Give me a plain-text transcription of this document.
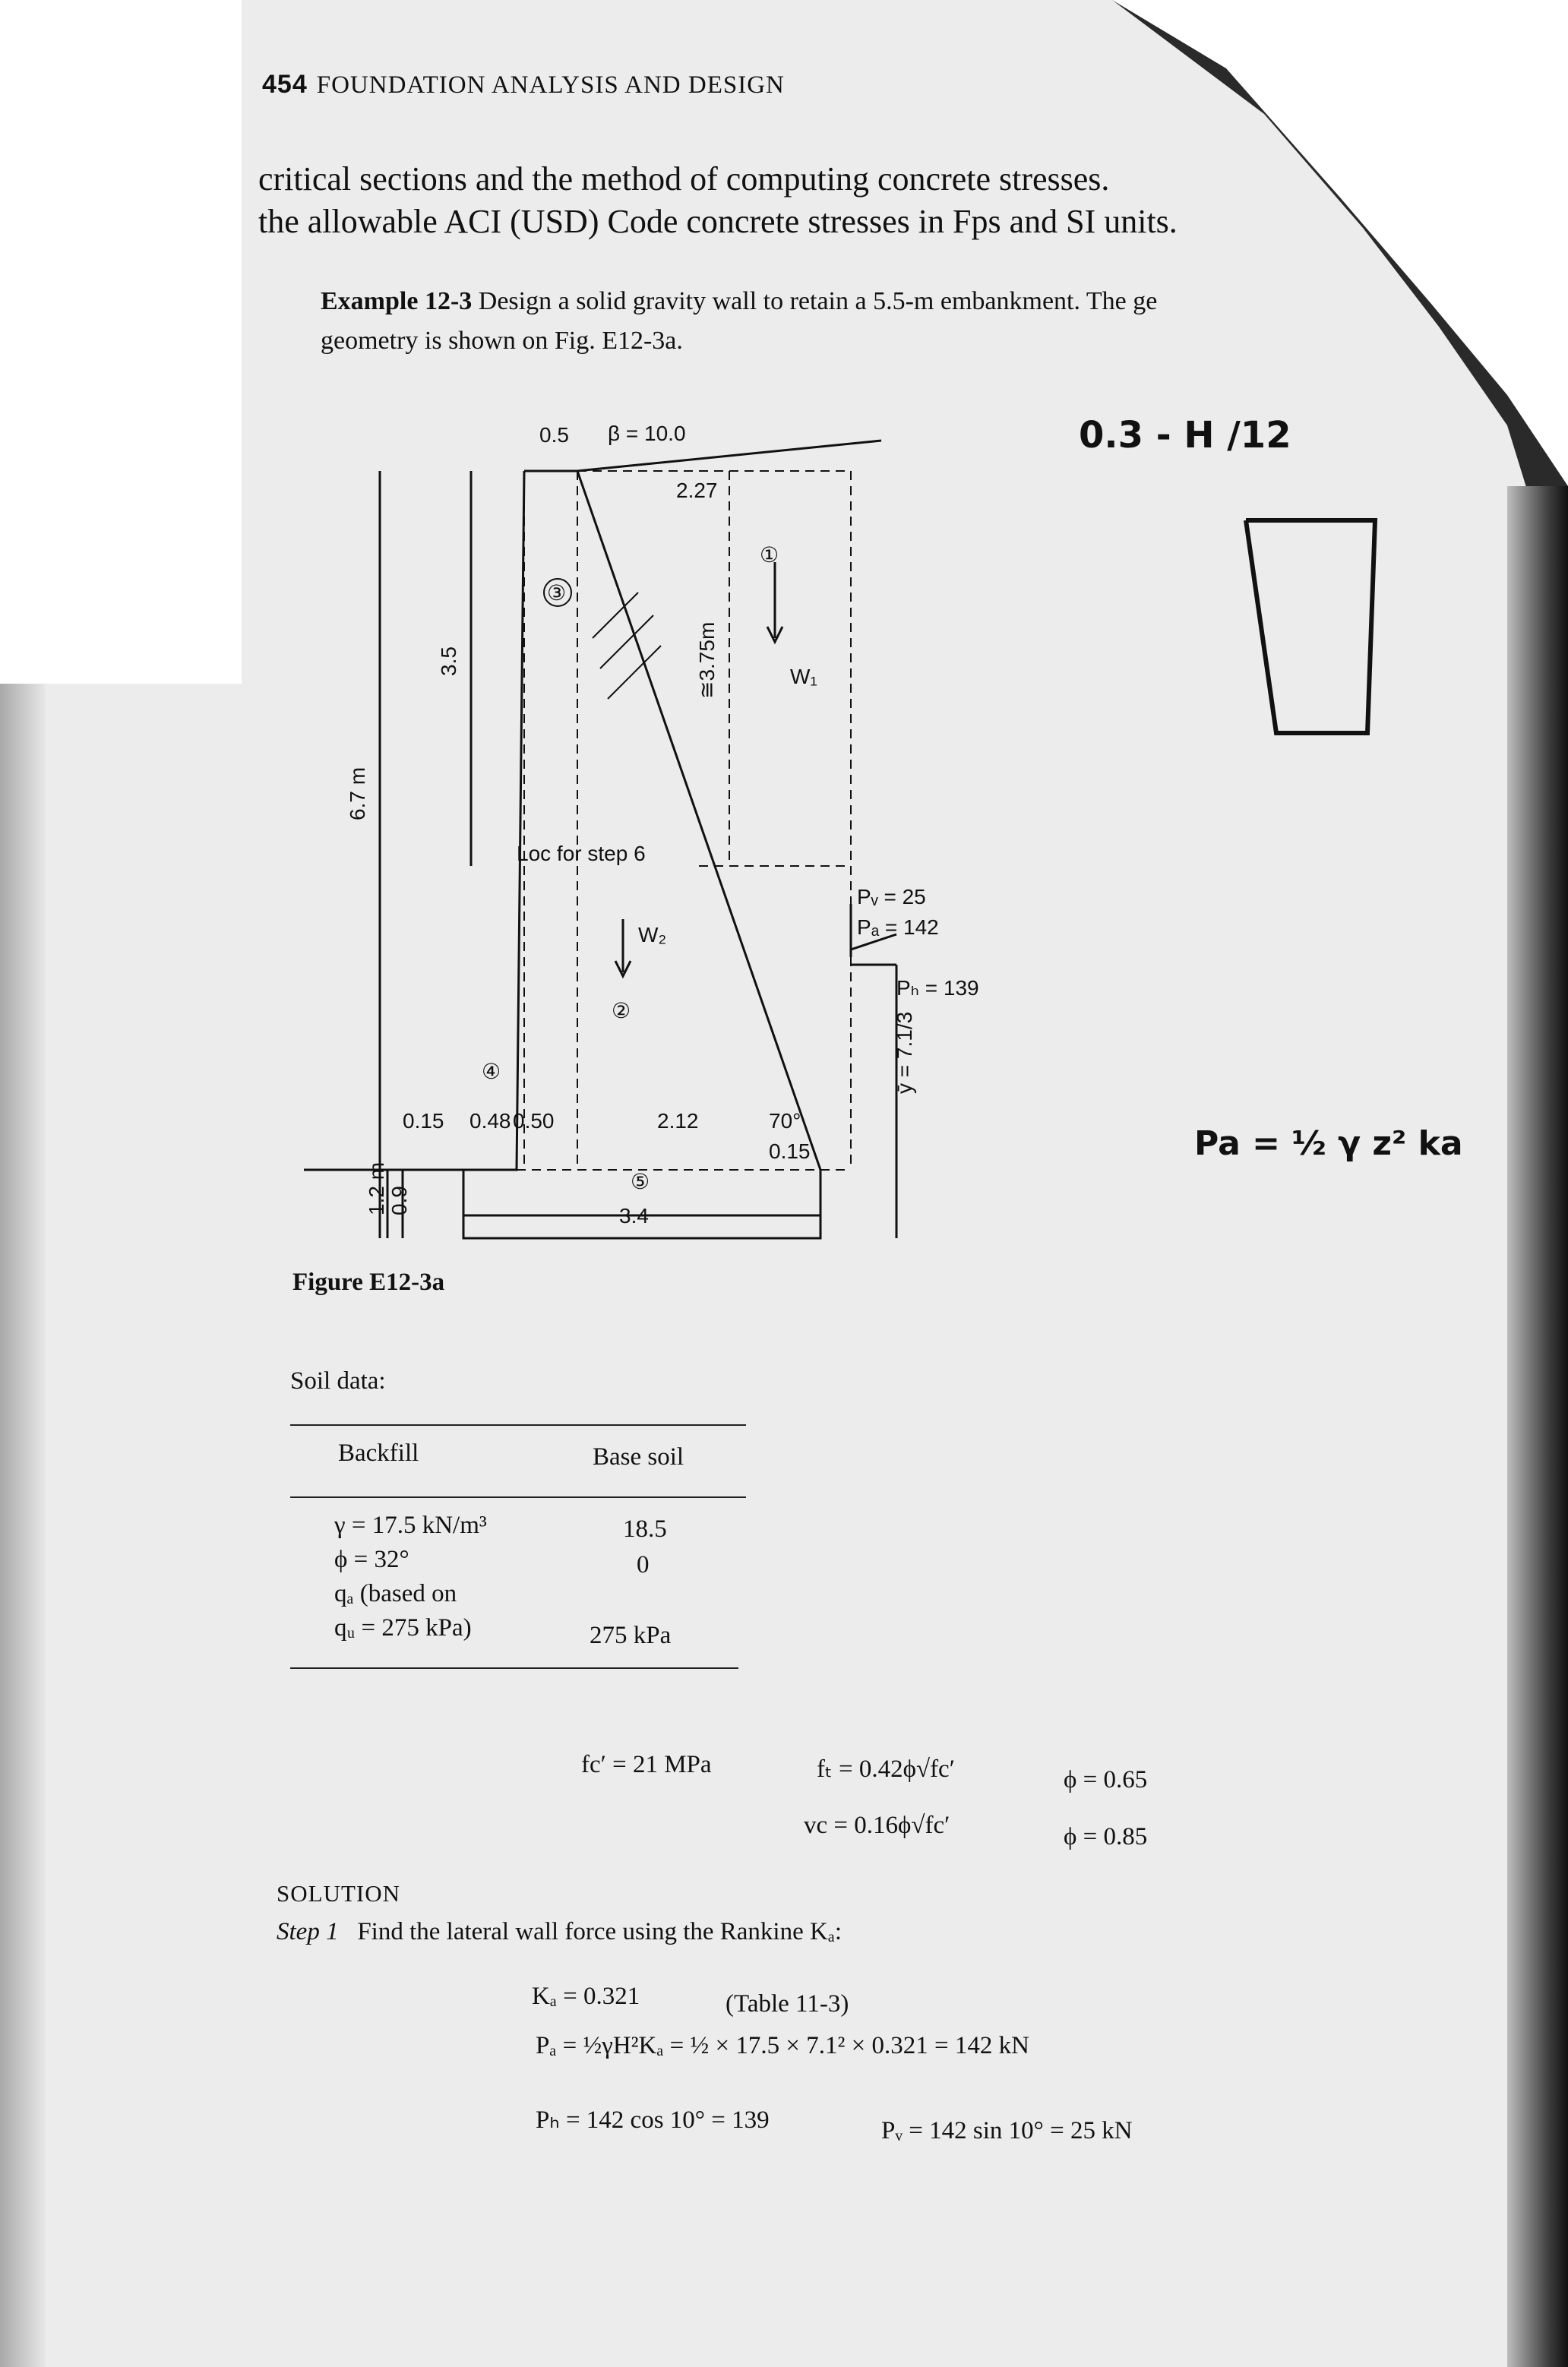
454 FOUNDATION ANALYSIS AND DESIGN
critical sections and the method of computing concrete stresses.
the allowable ACI (USD) Code concrete stresses in Fps and SI units.
Example 12-3 Design a solid gravity wall to retain a 5.5-m embankment. The ge
geometry is shown on Fig. E12-3a.
0.5 β = 10.0
2.27
①
③
W₁
Loc for step 6
W₂
②
④
⑤
Pᵥ = 25
Pₐ = 142
Pₕ = 139
0.15 0.48 0.50	2.12	70°
0.15
3.4
6.7 m
3.5	≅3.75m
ȳ = 7.1/3
1.2 m 0.9
Figure E12-3a
Soil data:
Backfill	Base soil
γ = 17.5 kN/m³	18.5
ϕ = 32°	0
qₐ (based on
qᵤ = 275 kPa)	275 kPa
fc′ = 21 MPa	fₜ = 0.42ϕ√fc′	ϕ = 0.65
vc = 0.16ϕ√fc′	ϕ = 0.85
SOLUTION
Step 1 Find the lateral wall force using the Rankine Kₐ:
Kₐ = 0.321	(Table 11-3)
Pₐ = ½γH²Kₐ = ½ × 17.5 × 7.1² × 0.321 = 142 kN
Pₕ = 142 cos 10° = 139	Pᵥ = 142 sin 10° = 25 kN
0.3 - H /12
Pa = ½ γ z² ka
